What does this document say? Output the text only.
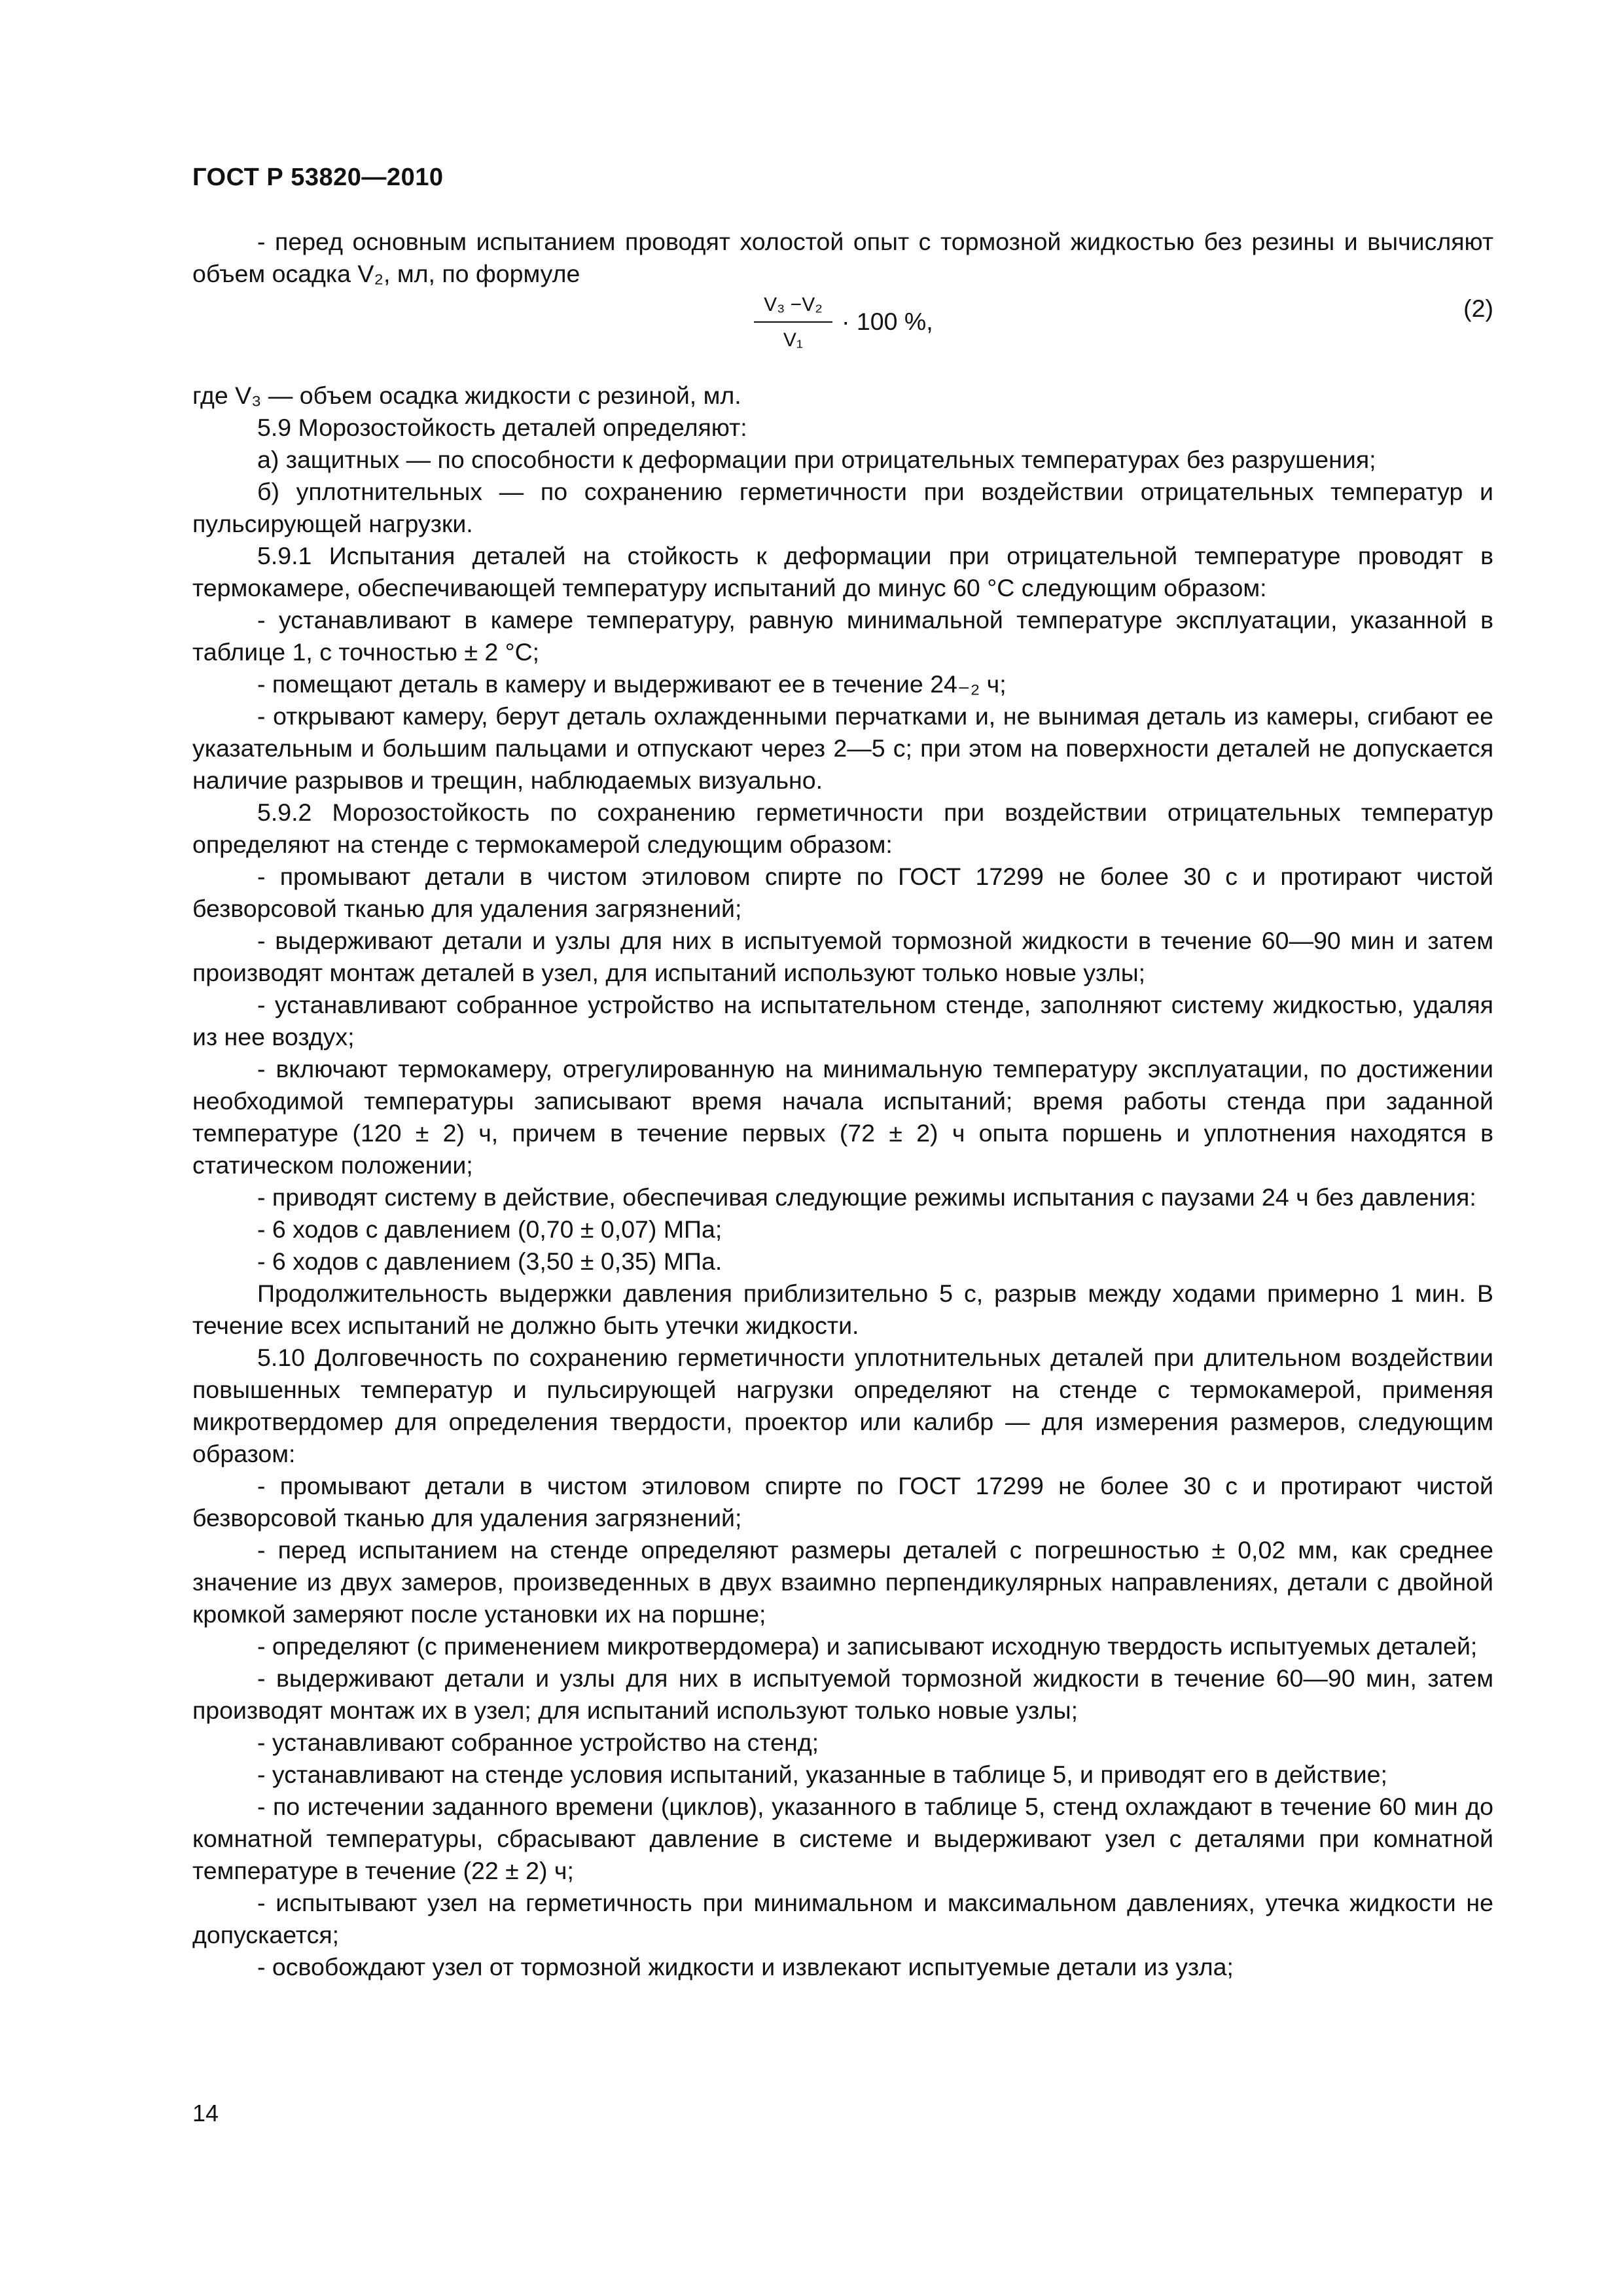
ГОСТ Р 53820—2010

- перед основным испытанием проводят холостой опыт с тормозной жидкостью без резины и вычисляют объем осадка V₂, мл, по формуле

$\frac{\text{V₃ −V₂}}{\text{V₁}} \cdot 100$ %,	(2)

где V₃ — объем осадка жидкости с резиной, мл.

5.9 Морозостойкость деталей определяют:

а) защитных — по способности к деформации при отрицательных температурах без разрушения;

б) уплотнительных — по сохранению герметичности при воздействии отрицательных температур и пульсирующей нагрузки.

5.9.1 Испытания деталей на стойкость к деформации при отрицательной температуре проводят в термокамере, обеспечивающей температуру испытаний до минус 60 °С следующим образом:

- устанавливают в камере температуру, равную минимальной температуре эксплуатации, указанной в таблице 1, с точностью ± 2 °С;

- помещают деталь в камеру и выдерживают ее в течение 24₋₂ ч;

- открывают камеру, берут деталь охлажденными перчатками и, не вынимая деталь из камеры, сгибают ее указательным и большим пальцами и отпускают через 2—5 с; при этом на поверхности деталей не допускается наличие разрывов и трещин, наблюдаемых визуально.

5.9.2 Морозостойкость по сохранению герметичности при воздействии отрицательных температур определяют на стенде с термокамерой следующим образом:

- промывают детали в чистом этиловом спирте по ГОСТ 17299 не более 30 с и протирают чистой безворсовой тканью для удаления загрязнений;

- выдерживают детали и узлы для них в испытуемой тормозной жидкости в течение 60—90 мин и затем производят монтаж деталей в узел, для испытаний используют только новые узлы;

- устанавливают собранное устройство на испытательном стенде, заполняют систему жидкостью, удаляя из нее воздух;

- включают термокамеру, отрегулированную на минимальную температуру эксплуатации, по достижении необходимой температуры записывают время начала испытаний; время работы стенда при заданной температуре (120 ± 2) ч, причем в течение первых (72 ± 2) ч опыта поршень и уплотнения находятся в статическом положении;

- приводят систему в действие, обеспечивая следующие режимы испытания с паузами 24 ч без давления:

- 6 ходов с давлением (0,70 ± 0,07) МПа;

- 6 ходов с давлением (3,50 ± 0,35) МПа.

Продолжительность выдержки давления приблизительно 5 с, разрыв между ходами примерно 1 мин. В течение всех испытаний не должно быть утечки жидкости.

5.10 Долговечность по сохранению герметичности уплотнительных деталей при длительном воздействии повышенных температур и пульсирующей нагрузки определяют на стенде с термокамерой, применяя микротвердомер для определения твердости, проектор или калибр — для измерения размеров, следующим образом:

- промывают детали в чистом этиловом спирте по ГОСТ 17299 не более 30 с и протирают чистой безворсовой тканью для удаления загрязнений;

- перед испытанием на стенде определяют размеры деталей с погрешностью ± 0,02 мм, как среднее значение из двух замеров, произведенных в двух взаимно перпендикулярных направлениях, детали с двойной кромкой замеряют после установки их на поршне;

- определяют (с применением микротвердомера) и записывают исходную твердость испытуемых деталей;

- выдерживают детали и узлы для них в испытуемой тормозной жидкости в течение 60—90 мин, затем производят монтаж их в узел; для испытаний используют только новые узлы;

- устанавливают собранное устройство на стенд;

- устанавливают на стенде условия испытаний, указанные в таблице 5, и приводят его в действие;

- по истечении заданного времени (циклов), указанного в таблице 5, стенд охлаждают в течение 60 мин до комнатной температуры, сбрасывают давление в системе и выдерживают узел с деталями при комнатной температуре в течение (22 ± 2) ч;

- испытывают узел на герметичность при минимальном и максимальном давлениях, утечка жидкости не допускается;

- освобождают узел от тормозной жидкости и извлекают испытуемые детали из узла;

14
